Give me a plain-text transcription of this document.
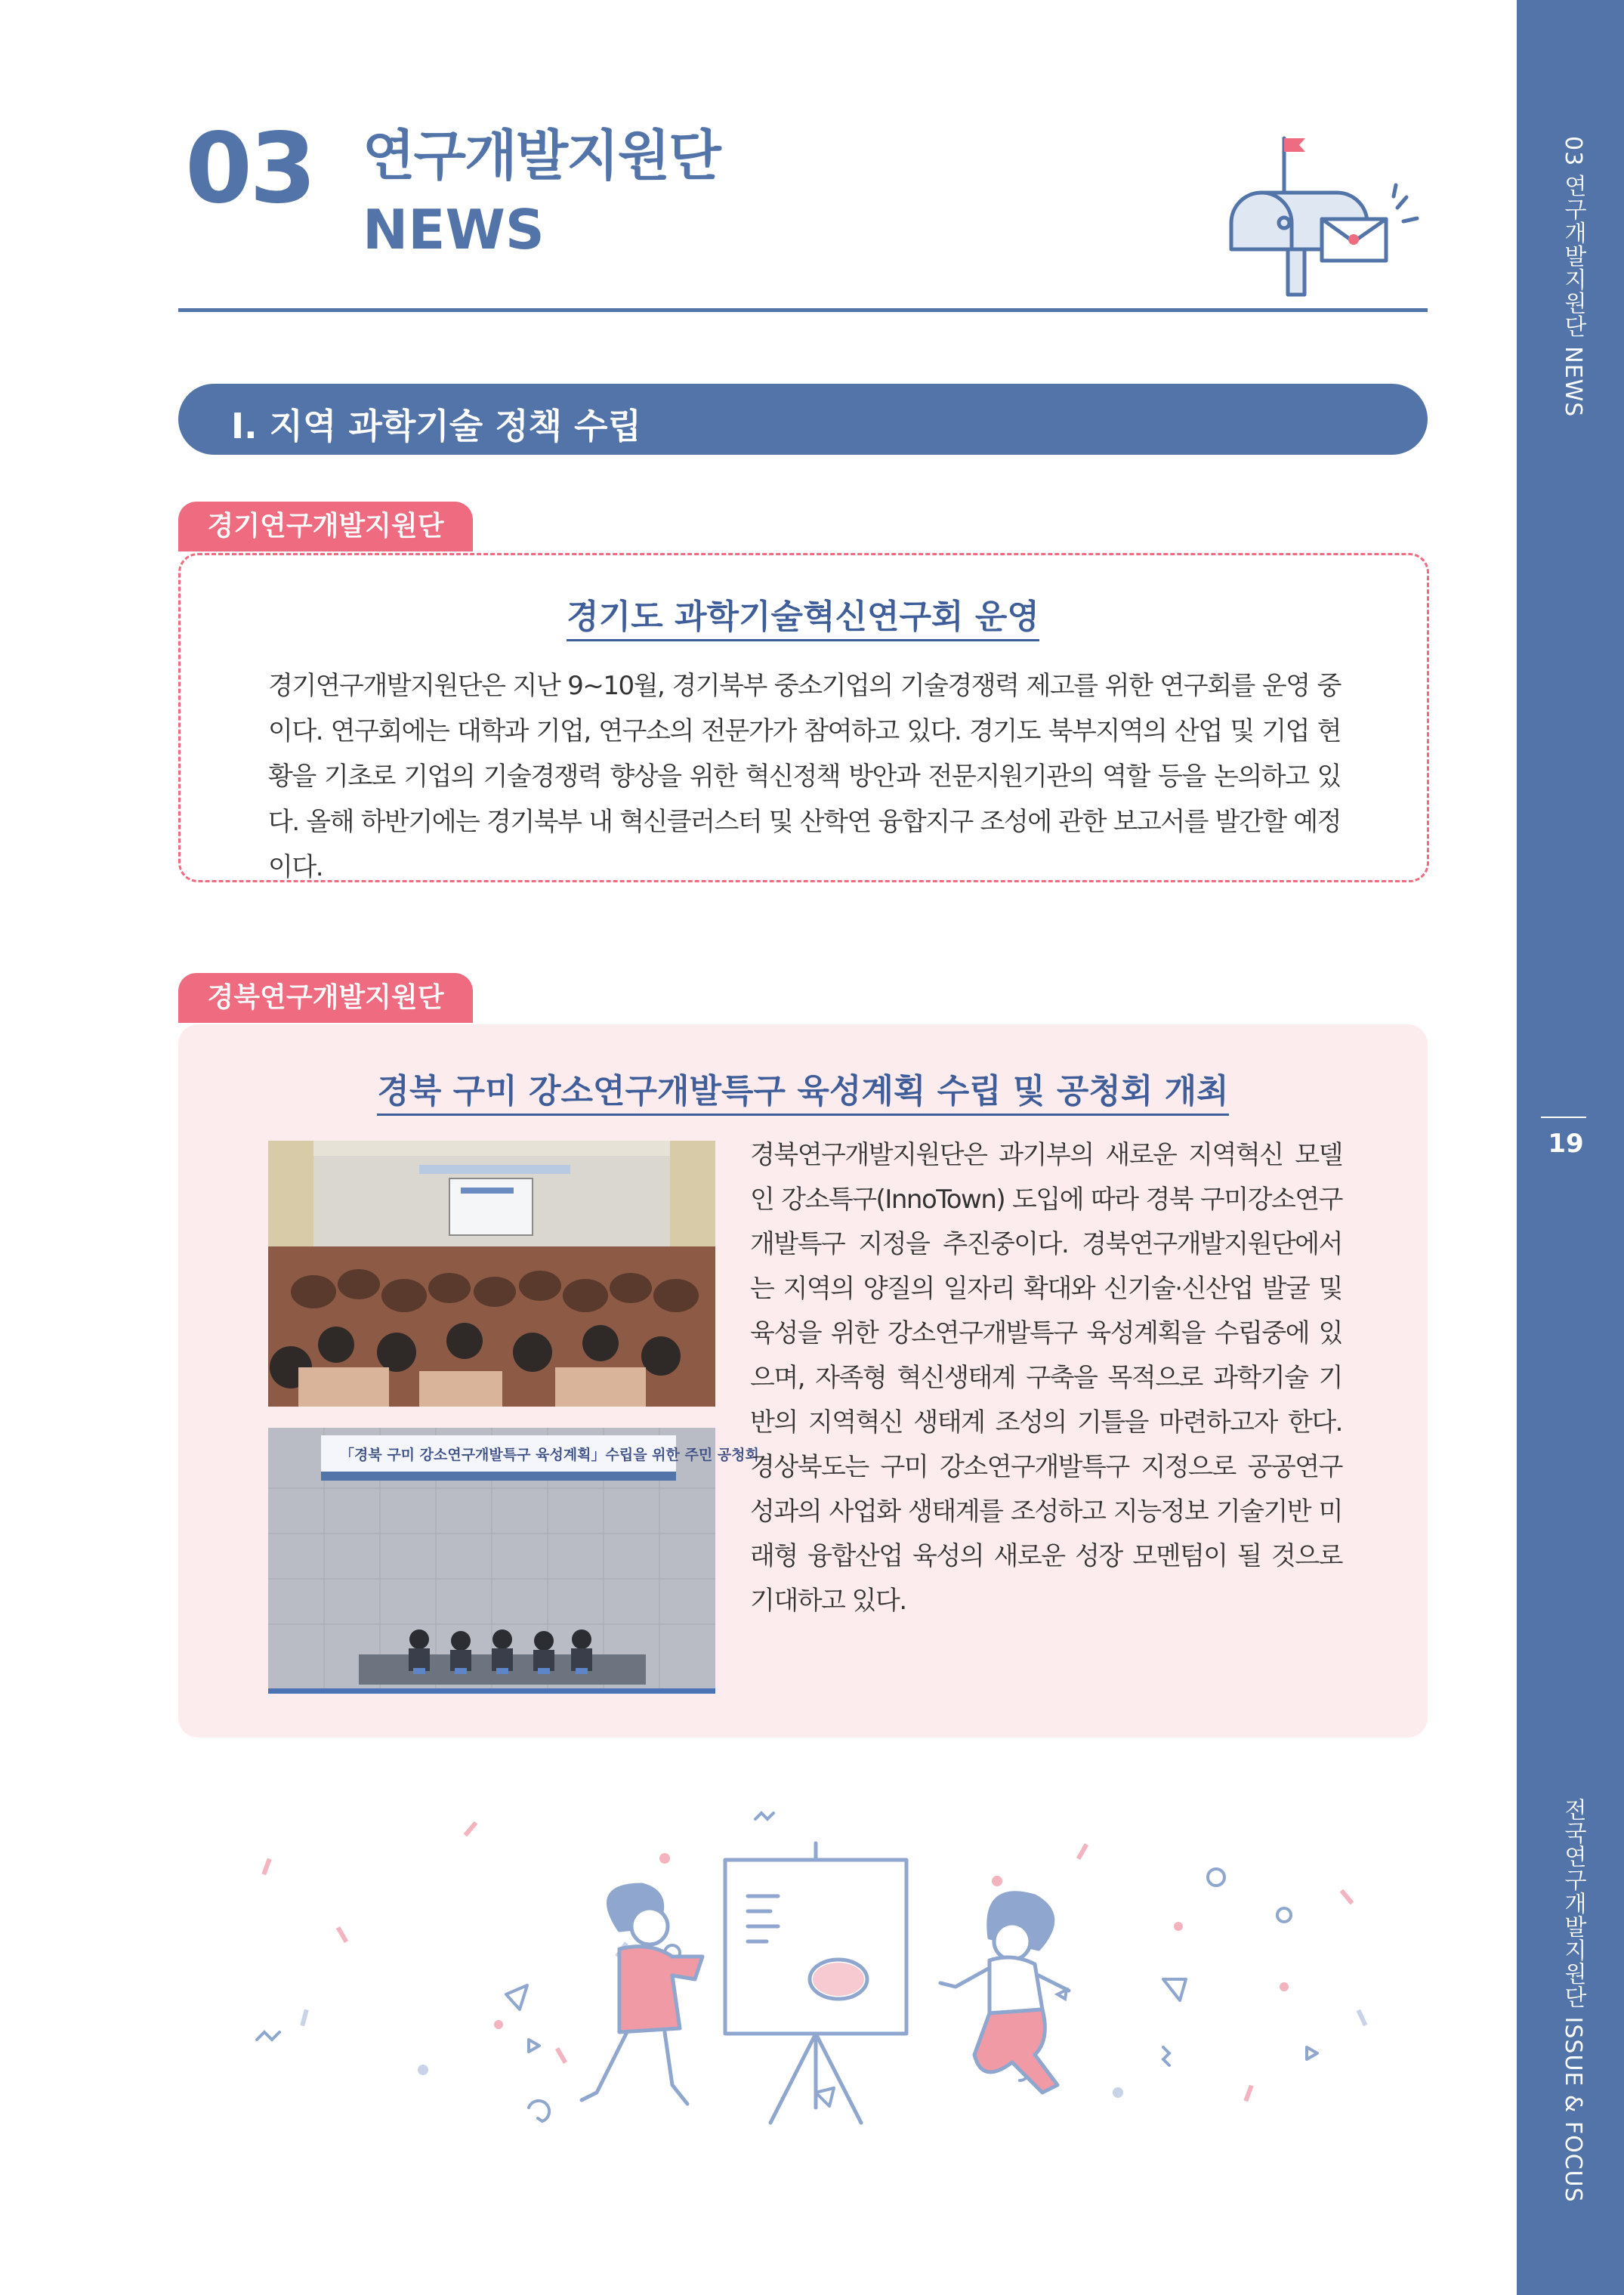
03 연구개발지원단 NEWS
19
전국연구개발지원단 ISSUE & FOCUS
03 연구개발지원단
NEWS
Ⅰ. 지역 과학기술 정책 수립
경기연구개발지원단
경기도 과학기술혁신연구회 운영
경기연구개발지원단은 지난 9~10월, 경기북부 중소기업의 기술경쟁력 제고를 위한 연구회를 운영 중이다. 연구회에는 대학과 기업, 연구소의 전문가가 참여하고 있다. 경기도 북부지역의 산업 및 기업 현황을 기초로 기업의 기술경쟁력 향상을 위한 혁신정책 방안과 전문지원기관의 역할 등을 논의하고 있다. 올해 하반기에는 경기북부 내 혁신클러스터 및 산학연 융합지구 조성에 관한 보고서를 발간할 예정이다.
경북연구개발지원단
경북 구미 강소연구개발특구 육성계획 수립 및 공청회 개최
「경북 구미 강소연구개발특구 육성계획」수립을 위한 주민 공청회
경북연구개발지원단은 과기부의 새로운 지역혁신 모델인 강소특구(InnoTown) 도입에 따라 경북 구미강소연구개발특구 지정을 추진중이다. 경북연구개발지원단에서는 지역의 양질의 일자리 확대와 신기술·신산업 발굴 및 육성을 위한 강소연구개발특구 육성계획을 수립중에 있으며, 자족형 혁신생태계 구축을 목적으로 과학기술 기반의 지역혁신 생태계 조성의 기틀을 마련하고자 한다. 경상북도는 구미 강소연구개발특구 지정으로 공공연구성과의 사업화 생태계를 조성하고 지능정보 기술기반 미래형 융합산업 육성의 새로운 성장 모멘텀이 될 것으로 기대하고 있다.
